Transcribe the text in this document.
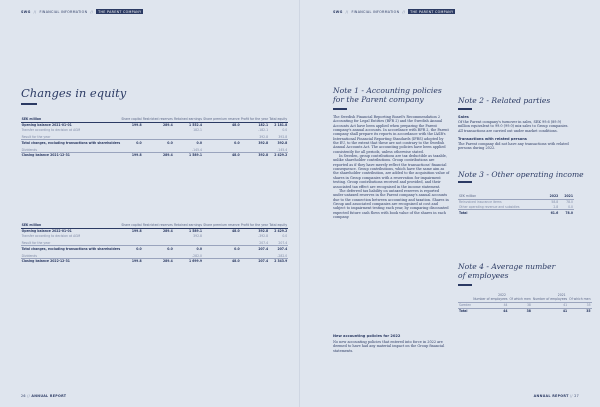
SWG // FINANCIAL INFORMATION //	THE PARENT COMPANY
Changes in equity
SEK million	Share capital	Restricted reserves	Retained earnings	Share premium reserve	Profit for the year	Total equity
Opening balance 2021-01-01	199.8	289.4	1 552.4	48.0	182.1	2 181.8
Transfer according to decision at AGM			182.1		-182.1	0.0

Result for the year					392.8	392.8
Total changes, excluding transactions with shareholders	0.0	0.0	0.0	0.0	392.8	392.8

Dividends			-145.4			-145.4
Closing balance 2021-12-31	199.8	289.4	1 589.1	48.0	392.8	2 429.2
SEK million	Share capital	Restricted reserves	Retained earnings	Share premium reserve	Profit for the year	Total equity
Opening balance 2022-01-01	199.8	289.4	1 589.1	48.0	392.8	2 429.2
Transfer according to decision at AGM			392.8		-392.8	0.0

Result for the year					207.4	207.4
Total changes, excluding transactions with shareholders	0.0	0.0	0.0	0.0	207.4	207.4

Dividends			-282.0			-282.0
Closing balance 2022-12-31	199.8	289.4	1 699.9	48.0	207.4	2 343.9
26 // ANNUAL REPORT
SWG // FINANCIAL INFORMATION //	THE PARENT COMPANY
Note 1 - Accounting policies
for the Parent company

The Swedish Financial Reporting Board's Recommendation 2 Accounting for Legal Entities (RFR 2) and the Swedish Annual Accounts Act have been applied when preparing the Parent company's annual accounts. In accordance with RFR 2, the Parent company shall prepare its reports in accordance with the IASB's International Financial Reporting Standards (IFRS) adopted by the EU, to the extent that these are not contrary to the Swedish Annual Accounts Act. The accounting policies have been applied consistently for all periods, unless otherwise stated.

In Sweden, group contributions are tax deductible as taxable, unlike shareholder contributions. Group contributions are reported as if they have merely reflect the transactions' financial consequence. Group contributions, which have the same aim as the shareholder contribution, are added to the acquisition value of shares in Group companies with a reservation for impairment testing. Group contributions received and provided, and their associated tax effect are recognised in the income statement.

The deferred tax liability on untaxed reserves is reported under untaxed reserves in the Parent company's annual accounts due to the connection between accounting and taxation. Shares in Group and associated companies are recognised at cost and subject to impairment testing each year, by comparing discounted expected future cash flows with book value of the shares in each company.

New accounting policies for 2022
No new accounting policies that entered into force in 2022 are deemed to have had any material impact on the Group financial statements.
Note 2 - Related parties
Sales
Of the Parent company's turnover in sales, SEK 99.6 (89.9) million equivalent to 99.0 (99.0) mix sales to Group companies. All transactions are carried out under market conditions.
Transactions with related persons
The Parent company did not have any transactions with related persons during 2022.
Note 3 - Other operating income
SEK million	2022	2021
Reinvoiced insurance items	58.8	78.0
Other operating revenue and subsidies	2.8	0.0
Total	61.6	78.0
Note 4 - Average number
of employees
	2022		2021	
	Number of employees	Of which men	Number of employees	Of which men
Sweden	44	38	41	35
Total	44	38	41	35
ANNUAL REPORT // 27
